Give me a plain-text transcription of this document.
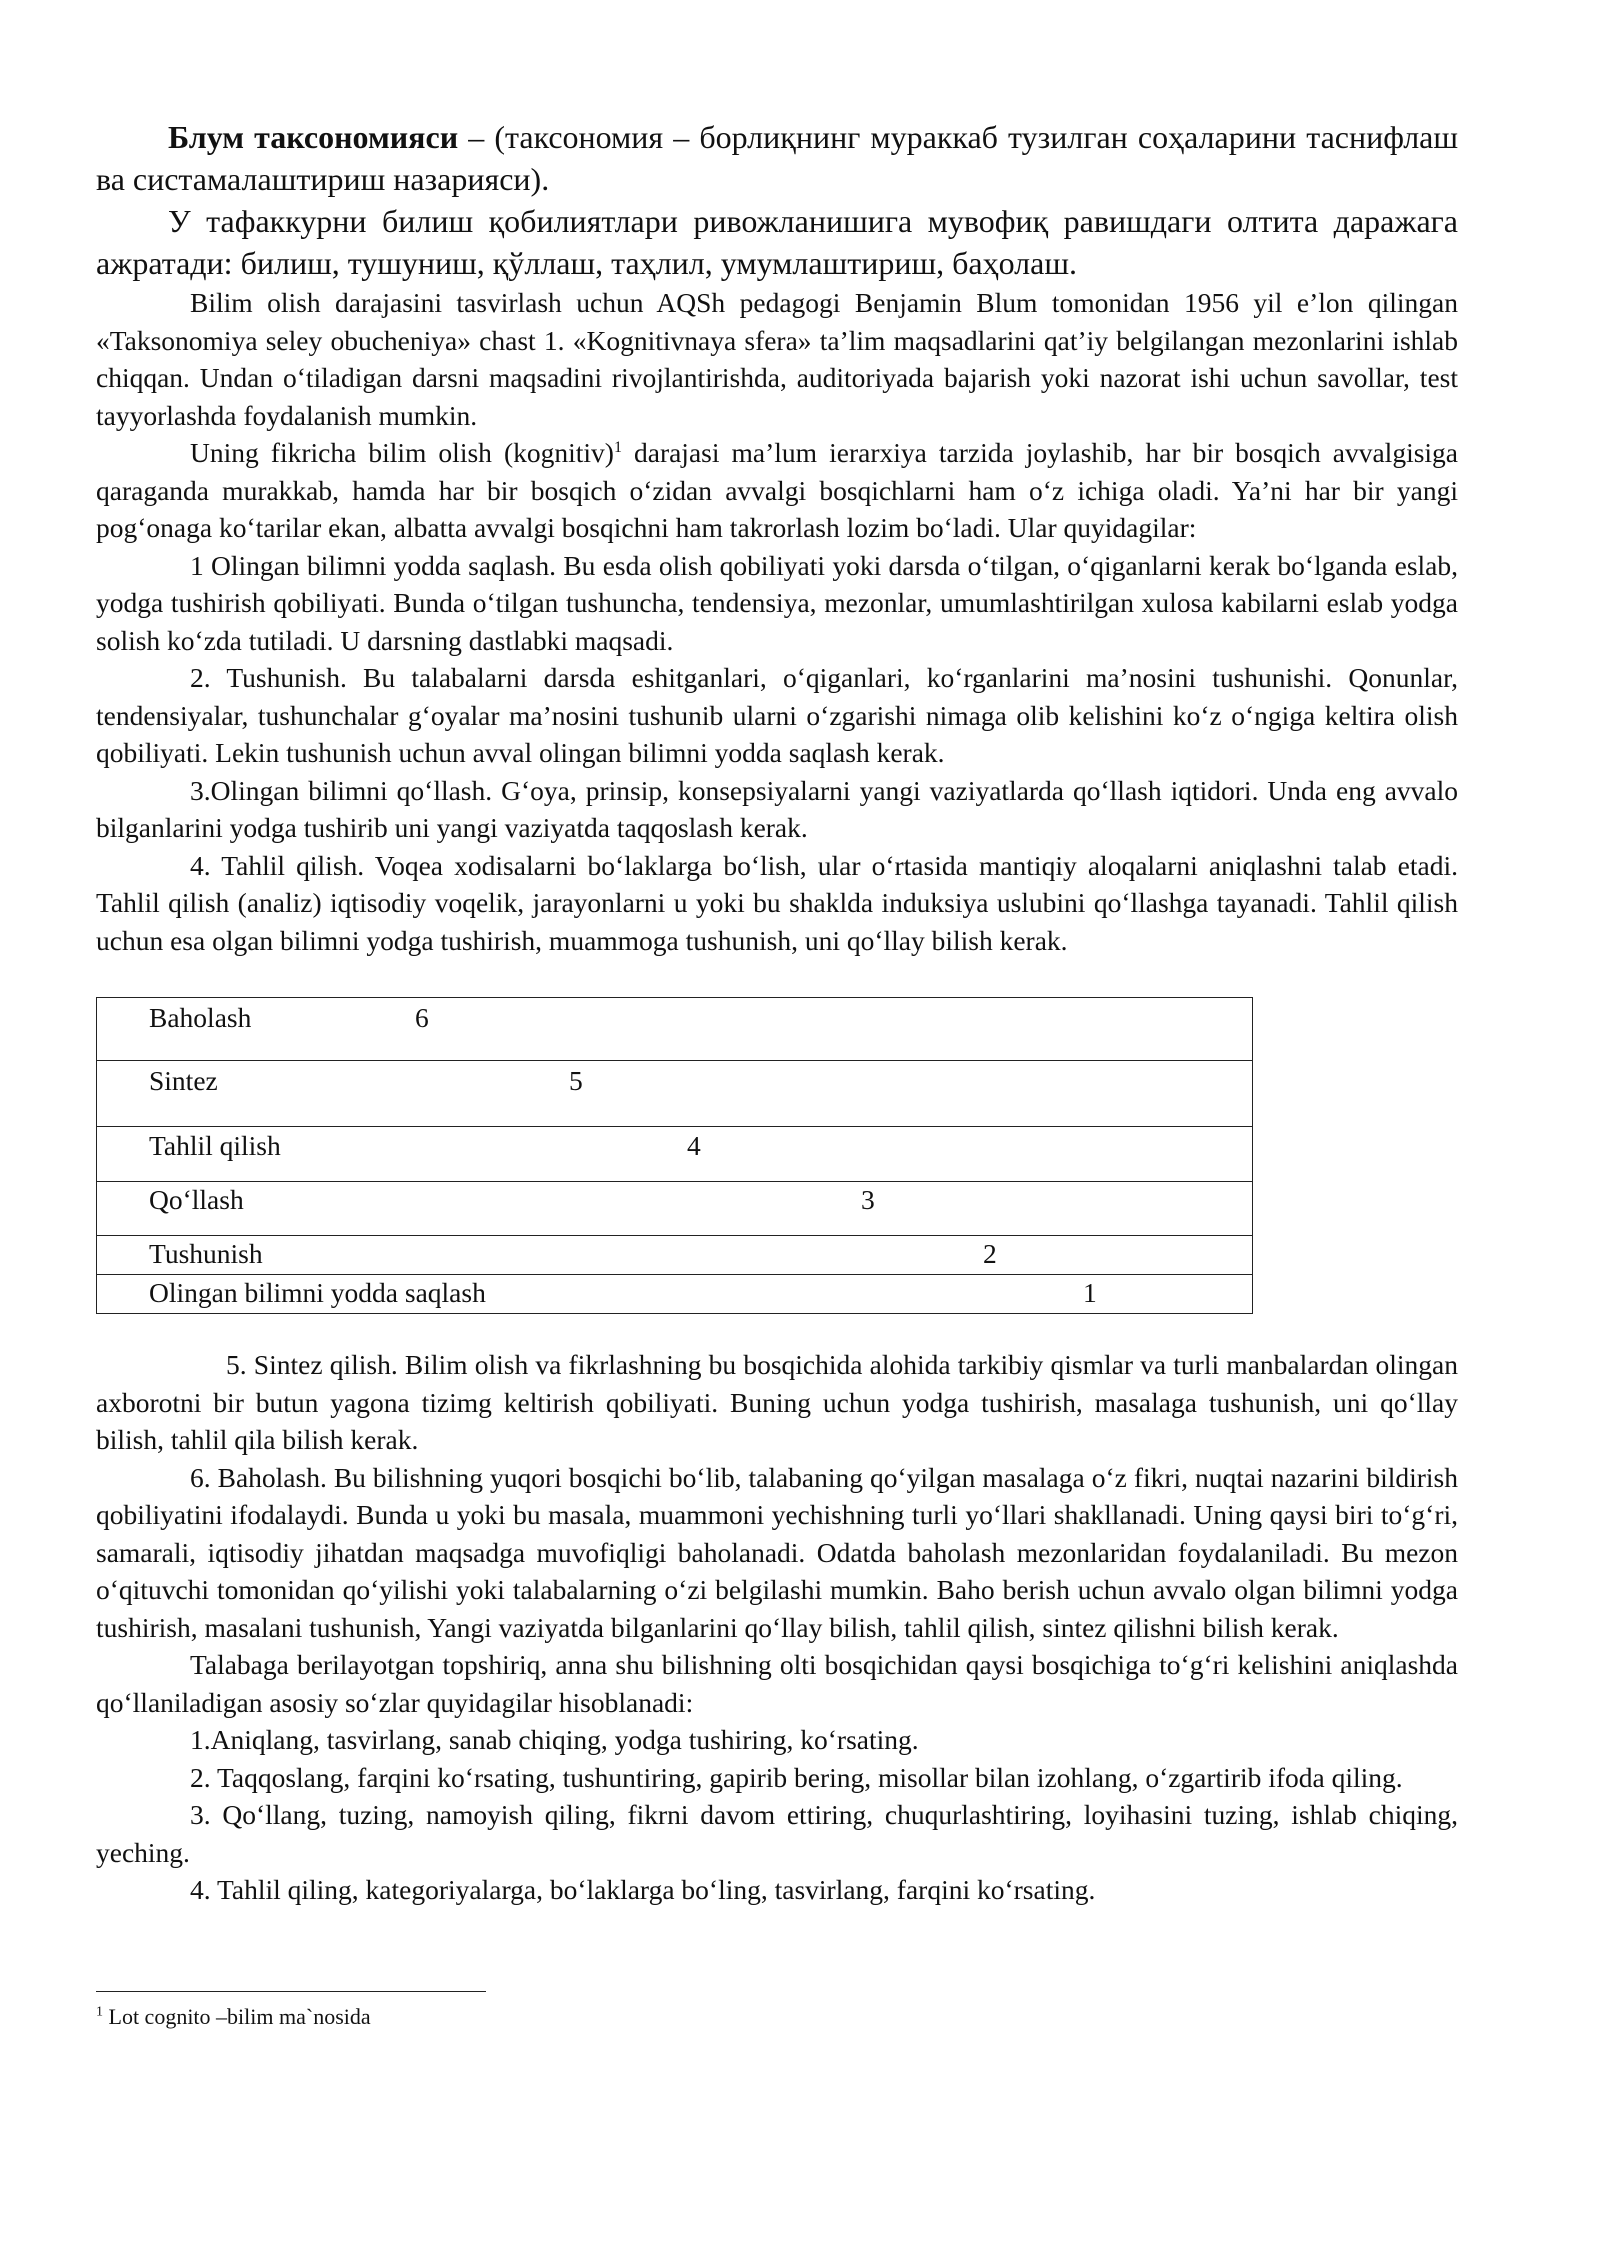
Блум таксономияси – (таксономия – борлиқнинг мураккаб тузилган соҳаларини таснифлаш ва систамалаштириш назарияси).

У тафаккурни билиш қобилиятлари ривожланишига мувофиқ равишдаги олтита даражага ажратади: билиш, тушуниш, қўллаш, таҳлил, умумлаштириш, баҳолаш.

Bilim olish darajasini tasvirlash uchun AQSh pedagogi Benjamin Blum tomonidan 1956 yil e’lon qilingan «Taksonomiya seley obucheniya» chast 1. «Kognitivnaya sfera» ta’lim maqsadlarini qat’iy belgilangan mezonlarini ishlab chiqqan. Undan o‘tiladigan darsni maqsadini rivojlantirishda, auditoriyada bajarish yoki nazorat ishi uchun savollar, test tayyorlashda foydalanish mumkin.

Uning fikricha bilim olish (kognitiv)$^1$ darajasi ma’lum ierarxiya tarzida joylashib, har bir bosqich avvalgisiga qaraganda murakkab, hamda har bir bosqich o‘zidan avvalgi bosqichlarni ham o‘z ichiga oladi. Ya’ni har bir yangi pog‘onaga ko‘tarilar ekan, albatta avvalgi bosqichni ham takrorlash lozim bo‘ladi. Ular quyidagilar:

1 Olingan bilimni yodda saqlash. Bu esda olish qobiliyati yoki darsda o‘tilgan, o‘qiganlarni kerak bo‘lganda eslab, yodga tushirish qobiliyati. Bunda o‘tilgan tushuncha, tendensiya, mezonlar, umumlashtirilgan xulosa kabilarni eslab yodga solish ko‘zda tutiladi. U darsning dastlabki maqsadi.

2. Tushunish. Bu talabalarni darsda eshitganlari, o‘qiganlari, ko‘rganlarini ma’nosini tushunishi. Qonunlar, tendensiyalar, tushunchalar g‘oyalar ma’nosini tushunib ularni o‘zgarishi nimaga olib kelishini ko‘z o‘ngiga keltira olish qobiliyati. Lekin tushunish uchun avval olingan bilimni yodda saqlash kerak.

3.Olingan bilimni qo‘llash. G‘oya, prinsip, konsepsiyalarni yangi vaziyatlarda qo‘llash iqtidori. Unda eng avvalo bilganlarini yodga tushirib uni yangi vaziyatda taqqoslash kerak.

4. Tahlil qilish. Voqea xodisalarni bo‘laklarga bo‘lish, ular o‘rtasida mantiqiy aloqalarni aniqlashni talab etadi. Tahlil qilish (analiz) iqtisodiy voqelik, jarayonlarni u yoki bu shaklda induksiya uslubini qo‘llashga tayanadi. Tahlil qilish uchun esa olgan bilimni yodga tushirish, muammoga tushunish, uni qo‘llay bilish kerak.

Baholash	6

Sintez	5

Tahlil qilish	4

Qo‘llash	3

Tushunish	2

Olingan bilimni yodda saqlash	1

5. Sintez qilish. Bilim olish va fikrlashning bu bosqichida alohida tarkibiy qismlar va turli manbalardan olingan axborotni bir butun yagona tizimg keltirish qobiliyati. Buning uchun yodga tushirish, masalaga tushunish, uni qo‘llay bilish, tahlil qila bilish kerak.

6. Baholash. Bu bilishning yuqori bosqichi bo‘lib, talabaning qo‘yilgan masalaga o‘z fikri, nuqtai nazarini bildirish qobiliyatini ifodalaydi. Bunda u yoki bu masala, muammoni yechishning turli yo‘llari shakllanadi. Uning qaysi biri to‘g‘ri, samarali, iqtisodiy jihatdan maqsadga muvofiqligi baholanadi. Odatda baholash mezonlaridan foydalaniladi. Bu mezon o‘qituvchi tomonidan qo‘yilishi yoki talabalarning o‘zi belgilashi mumkin. Baho berish uchun avvalo olgan bilimni yodga tushirish, masalani tushunish, Yangi vaziyatda bilganlarini qo‘llay bilish, tahlil qilish, sintez qilishni bilish kerak.

Talabaga berilayotgan topshiriq, anna shu bilishning olti bosqichidan qaysi bosqichiga to‘g‘ri kelishini aniqlashda qo‘llaniladigan asosiy so‘zlar quyidagilar hisoblanadi:

1.Aniqlang, tasvirlang, sanab chiqing, yodga tushiring, ko‘rsating.

2. Taqqoslang, farqini ko‘rsating, tushuntiring, gapirib bering, misollar bilan izohlang, o‘zgartirib ifoda qiling.

3. Qo‘llang, tuzing, namoyish qiling, fikrni davom ettiring, chuqurlashtiring, loyihasini tuzing, ishlab chiqing, yeching.

4. Tahlil qiling, kategoriyalarga, bo‘laklarga bo‘ling, tasvirlang, farqini ko‘rsating.

$^1$ Lot cognito –bilim ma`nosida
